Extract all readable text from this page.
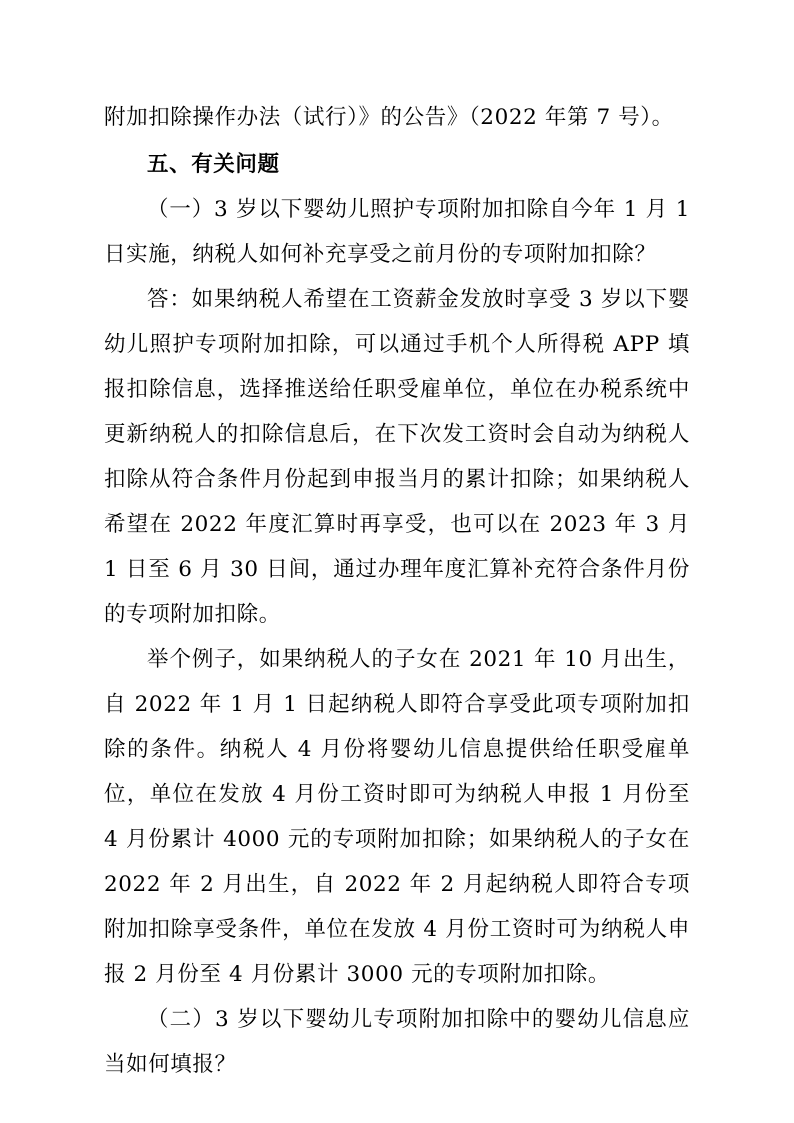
附加扣除操作办法（试行）》的公告》（2022 年第 7 号）。

五、有关问题

（一）3 岁以下婴幼儿照护专项附加扣除自今年 1 月 1 日实施，纳税人如何补充享受之前月份的专项附加扣除？

答：如果纳税人希望在工资薪金发放时享受 3 岁以下婴幼儿照护专项附加扣除，可以通过手机个人所得税 APP 填报扣除信息，选择推送给任职受雇单位，单位在办税系统中更新纳税人的扣除信息后，在下次发工资时会自动为纳税人扣除从符合条件月份起到申报当月的累计扣除；如果纳税人希望在 2022 年度汇算时再享受，也可以在 2023 年 3 月 1 日至 6 月 30 日间，通过办理年度汇算补充符合条件月份的专项附加扣除。

举个例子，如果纳税人的子女在 2021 年 10 月出生，自 2022 年 1 月 1 日起纳税人即符合享受此项专项附加扣除的条件。纳税人 4 月份将婴幼儿信息提供给任职受雇单位，单位在发放 4 月份工资时即可为纳税人申报 1 月份至 4 月份累计 4000 元的专项附加扣除；如果纳税人的子女在 2022 年 2 月出生，自 2022 年 2 月起纳税人即符合专项附加扣除享受条件，单位在发放 4 月份工资时可为纳税人申报 2 月份至 4 月份累计 3000 元的专项附加扣除。

（二）3 岁以下婴幼儿专项附加扣除中的婴幼儿信息应当如何填报？
